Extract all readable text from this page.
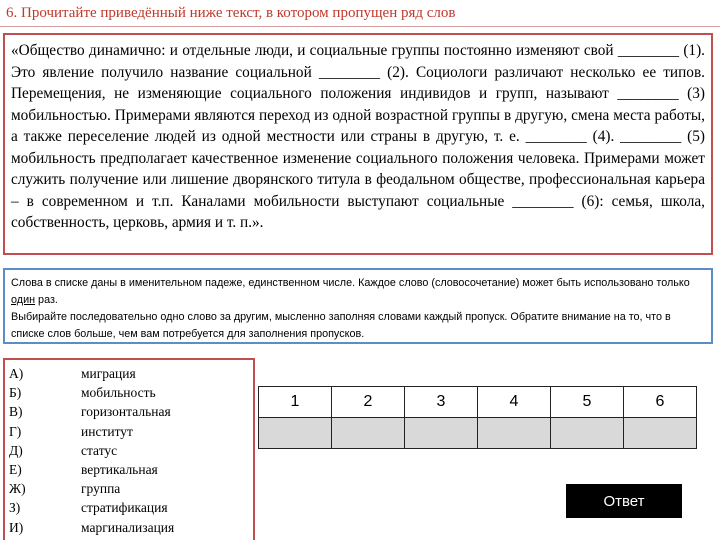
6. Прочитайте приведённый ниже текст, в котором пропущен ряд слов

«Общество динамично: и отдельные люди, и социальные группы постоянно изменяют свой ________ (1). Это явление получило название социальной ________ (2). Социологи различают несколько ее типов. Перемещения, не изменяющие социального положения индивидов и групп, называют ________ (3) мобильностью. Примерами являются переход из одной возрастной группы в другую, смена места работы, а также переселение людей из одной местности или страны в другую, т. е. ________ (4). ________ (5) мобильность предполагает качественное изменение социального положения человека. Примерами может служить получение или лишение дворянского титула в феодальном обществе, профессиональная карьера – в современном и т.п. Каналами мобильности выступают социальные ________ (6): семья, школа, собственность, церковь, армия и т. п.».

Слова в списке даны в именительном падеже, единственном числе. Каждое слово (словосочетание) может быть использовано только один раз.
Выбирайте последовательно одно слово за другим, мысленно заполняя словами каждый пропуск. Обратите внимание на то, что в списке слов больше, чем вам потребуется для заполнения пропусков.
А)	миграция
Б)	мобильность
В)	горизонтальная
Г)	институт
Д)	статус
Е)	вертикальная
Ж)	группа
З)	стратификация
И)	маргинализация
1	2	3	4	5	6

Ответ
